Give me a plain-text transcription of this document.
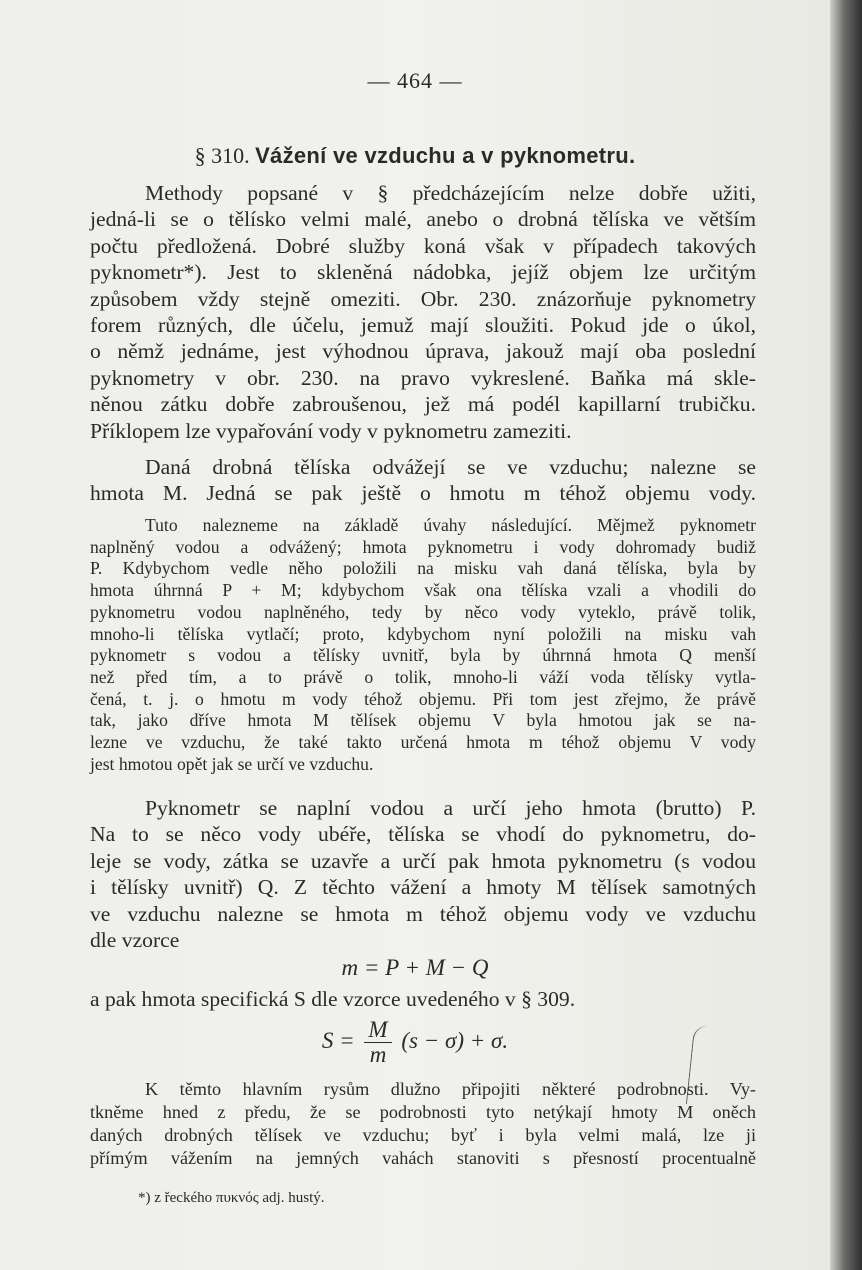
— 464 —
§ 310. Vážení ve vzduchu a v pyknometru.
Methody popsané v § předcházejícím nelze dobře užiti,
jedná-li se o tělísko velmi malé, anebo o drobná tělíska ve větším
počtu předložená. Dobré služby koná však v případech takových
pyknometr*). Jest to skleněná nádobka, jejíž objem lze určitým
způsobem vždy stejně omeziti. Obr. 230. znázorňuje pyknometry
forem různých, dle účelu, jemuž mají sloužiti. Pokud jde o úkol,
o němž jednáme, jest výhodnou úprava, jakouž mají oba poslední
pyknometry v obr. 230. na pravo vykreslené. Baňka má skle-
něnou zátku dobře zabroušenou, jež má podél kapillarní trubičku.
Příklopem lze vypařování vody v pyknometru zameziti.
Daná drobná tělíska odvážejí se ve vzduchu; nalezne se
hmota M. Jedná se pak ještě o hmotu m téhož objemu vody.
Tuto nalezneme na základě úvahy následující. Mějmež pyknometr
naplněný vodou a odvážený; hmota pyknometru i vody dohromady budiž
P. Kdybychom vedle něho položili na misku vah daná tělíska, byla by
hmota úhrnná P + M; kdybychom však ona tělíska vzali a vhodili do
pyknometru vodou naplněného, tedy by něco vody vyteklo, právě tolik,
mnoho-li tělíska vytlačí; proto, kdybychom nyní položili na misku vah
pyknometr s vodou a tělísky uvnitř, byla by úhrnná hmota Q menší
než před tím, a to právě o tolik, mnoho-li váží voda tělísky vytla-
čená, t. j. o hmotu m vody téhož objemu. Při tom jest zřejmo, že právě
tak, jako dříve hmota M tělísek objemu V byla hmotou jak se na-
lezne ve vzduchu, že také takto určená hmota m téhož objemu V vody
jest hmotou opět jak se určí ve vzduchu.
Pyknometr se naplní vodou a určí jeho hmota (brutto) P.
Na to se něco vody ubéře, tělíska se vhodí do pyknometru, do-
leje se vody, zátka se uzavře a určí pak hmota pyknometru (s vodou
i tělísky uvnitř) Q. Z těchto vážení a hmoty M tělísek samotných
ve vzduchu nalezne se hmota m téhož objemu vody ve vzduchu
dle vzorce
m = P + M − Q
a pak hmota specifická S dle vzorce uvedeného v § 309.
$S = \frac{M}{m} (s - \sigma) + \sigma$.
K těmto hlavním rysům dlužno připojiti některé podrobnosti. Vy-
tkněme hned z předu, že se podrobnosti tyto netýkají hmoty M oněch
daných drobných tělísek ve vzduchu; byť i byla velmi malá, lze ji
přímým vážením na jemných vahách stanoviti s přesností procentualně
*) z řeckého πυκνός adj. hustý.
